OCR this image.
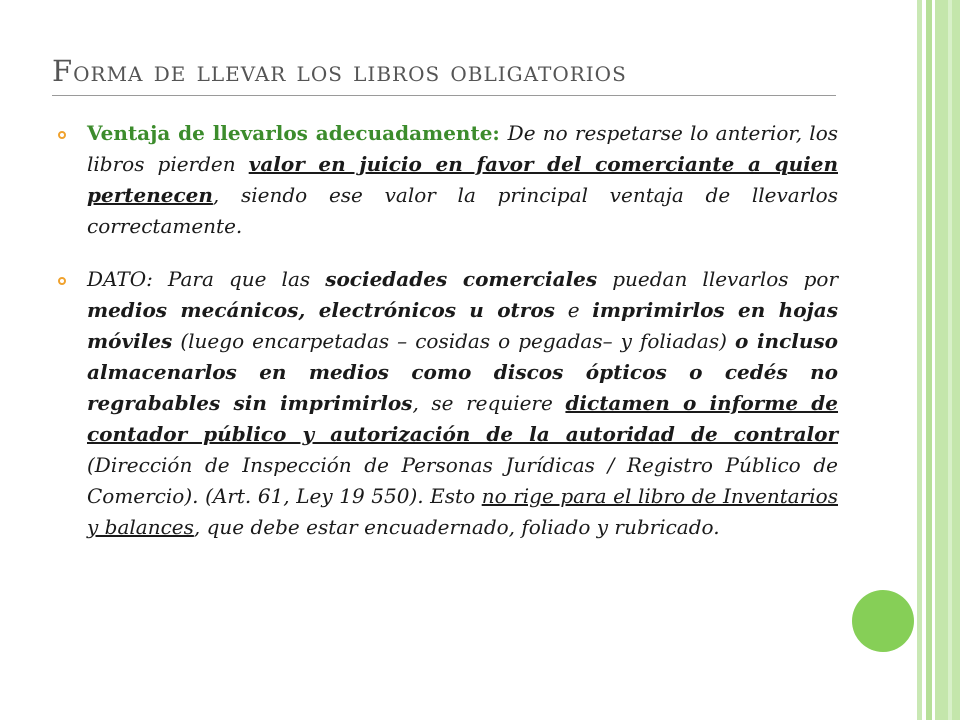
Forma de llevar los libros obligatorios

Ventaja de llevarlos adecuadamente: De no respetarse lo anterior, los libros pierden valor en juicio en favor del comerciante a quien pertenecen, siendo ese valor la principal ventaja de llevarlos correctamente.

DATO: Para que las sociedades comerciales puedan llevarlos por medios mecánicos, electrónicos u otros e imprimirlos en hojas móviles (luego encarpetadas – cosidas o pegadas– y foliadas) o incluso almacenarlos en medios como discos ópticos o cedés no regrabables sin imprimirlos, se requiere dictamen o informe de contador público y autorización de la autoridad de contralor (Dirección de Inspección de Personas Jurídicas / Registro Público de Comercio). (Art. 61, Ley 19 550). Esto no rige para el libro de Inventarios y balances, que debe estar encuadernado, foliado y rubricado.
